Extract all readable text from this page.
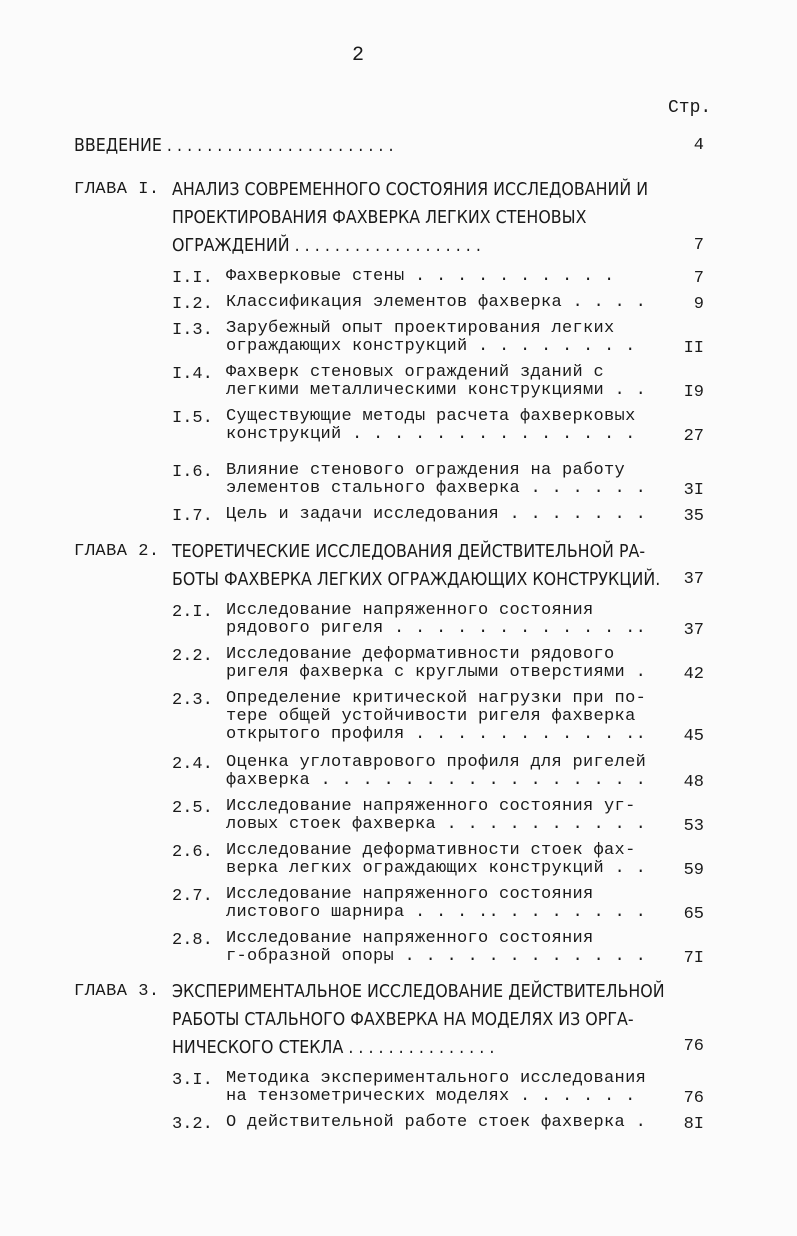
2
Стр.
ВВЕДЕНИЕ . . . . . . . . . . . . . . . . . . . . . . .	4
ГЛАВА I. АНАЛИЗ СОВРЕМЕННОГО СОСТОЯНИЯ ИССЛЕДОВАНИЙ И
ПРОЕКТИРОВАНИЯ ФАХВЕРКА ЛЕГКИХ СТЕНОВЫХ
ОГРАЖДЕНИЙ . . . . . . . . . . . . . . . . . . .	7
I.I. Фахверковые стены . . . . . . . . . .	7
I.2. Классификация элементов фахверка . . . .	9
I.3. Зарубежный опыт проектирования легких
ограждающих конструкций . . . . . . . .	II
I.4. Фахверк стеновых ограждений зданий с
легкими металлическими конструкциями . .	I9
I.5. Существующие методы расчета фахверковых
конструкций . . . . . . . . . . . . . .	27
I.6. Влияние стенового ограждения на работу
элементов стального фахверка . . . . . .	3I
I.7. Цель и задачи исследования . . . . . . .	35
ГЛАВА 2. ТЕОРЕТИЧЕСКИЕ ИССЛЕДОВАНИЯ ДЕЙСТВИТЕЛЬНОЙ РА-
БОТЫ ФАХВЕРКА ЛЕГКИХ ОГРАЖДАЮЩИХ КОНСТРУКЦИЙ. 37
2.I. Исследование напряженного состояния
рядового ригеля . . . . . . . . . . . ..	37
2.2. Исследование деформативности рядового
ригеля фахверка с круглыми отверстиями .	42
2.3. Определение критической нагрузки при по-
тере общей устойчивости ригеля фахверка
открытого профиля . . . . . . . . . . ..	45
2.4. Оценка углотаврового профиля для ригелей
фахверка . . . . . . . . . . . . . . . .	48
2.5. Исследование напряженного состояния уг-
ловых стоек фахверка . . . . . . . . . .	53
2.6. Исследование деформативности стоек фах-
верка легких ограждающих конструкций . .	59
2.7. Исследование напряженного состояния
листового шарнира . . . .. . . . . . . .	65
2.8. Исследование напряженного состояния
г-образной опоры . . . . . . . . . . . .	7I
ГЛАВА 3. ЭКСПЕРИМЕНТАЛЬНОЕ ИССЛЕДОВАНИЕ ДЕЙСТВИТЕЛЬНОЙ
РАБОТЫ СТАЛЬНОГО ФАХВЕРКА НА МОДЕЛЯХ ИЗ ОРГА-
НИЧЕСКОГО СТЕКЛА . . . . . . . . . . . . . . .	76
3.I. Методика экспериментального исследования
на тензометрических моделях . . . . . .	76
3.2. О действительной работе стоек фахверка .	8I
